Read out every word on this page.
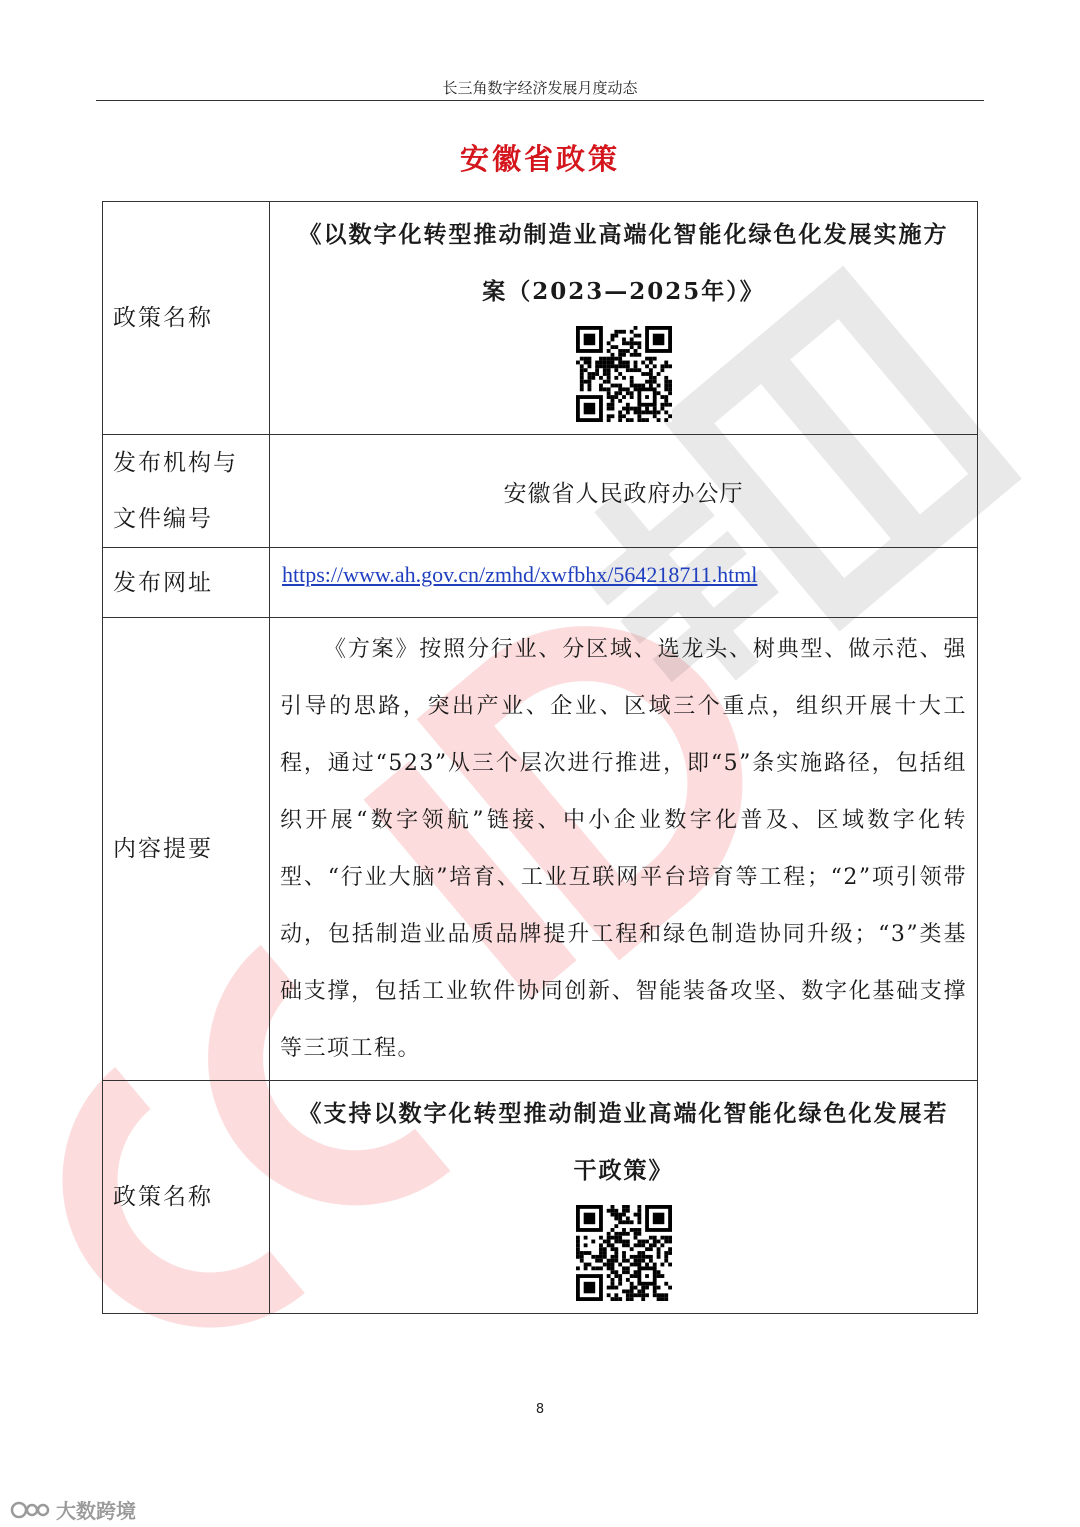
长三角数字经济发展月度动态
安徽省政策
政策名称	《以数字化转型推动制造业高端化智能化绿色化发展实施方
案（2023—2025年）》

发布机构与
文件编号	安徽省人民政府办公厅

发布网址	https://www.ah.gov.cn/zmhd/xwfbhx/564218711.html
内容提要	《方案》按照分行业、分区域、选龙头、树典型、做示范、强引导的思路，突出产业、企业、区域三个重点，组织开展十大工程，通过“523”从三个层次进行推进，即“5”条实施路径，包括组织开展“数字领航”链接、中小企业数字化普及、区域数字化转型、“行业大脑”培育、工业互联网平台培育等工程；“2”项引领带动，包括制造业品质品牌提升工程和绿色制造协同升级；“3”类基础支撑，包括工业软件协同创新、智能装备攻坚、数字化基础支撑等三项工程。

政策名称	《支持以数字化转型推动制造业高端化智能化绿色化发展若
干政策》
8
大数跨境
